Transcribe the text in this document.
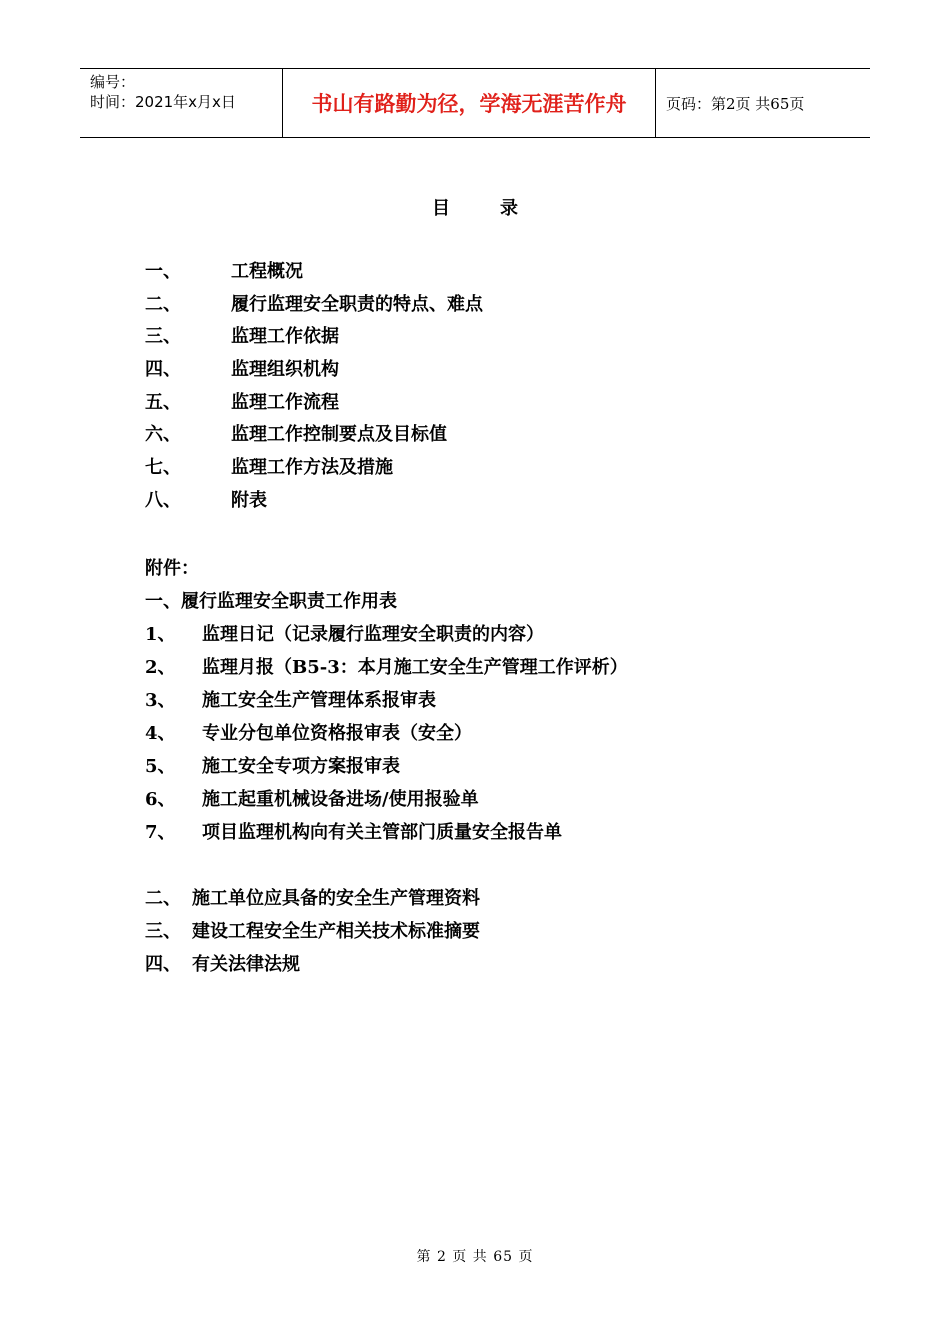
编号：
时间：2021年x月x日	书山有路勤为径，学海无涯苦作舟	页码：第2页 共65页
目录
一、	工程概况
二、	履行监理安全职责的特点、难点
三、	监理工作依据
四、	监理组织机构
五、	监理工作流程
六、	监理工作控制要点及目标值
七、	监理工作方法及措施
八、	附表
附件：
一、履行监理安全职责工作用表
1、 监理日记（记录履行监理安全职责的内容）
2、 监理月报（B5-3：本月施工安全生产管理工作评析）
3、 施工安全生产管理体系报审表
4、 专业分包单位资格报审表（安全）
5、 施工安全专项方案报审表
6、 施工起重机械设备进场/使用报验单
7、 项目监理机构向有关主管部门质量安全报告单
二、 施工单位应具备的安全生产管理资料
三、 建设工程安全生产相关技术标准摘要
四、 有关法律法规
第 2 页 共 65 页
